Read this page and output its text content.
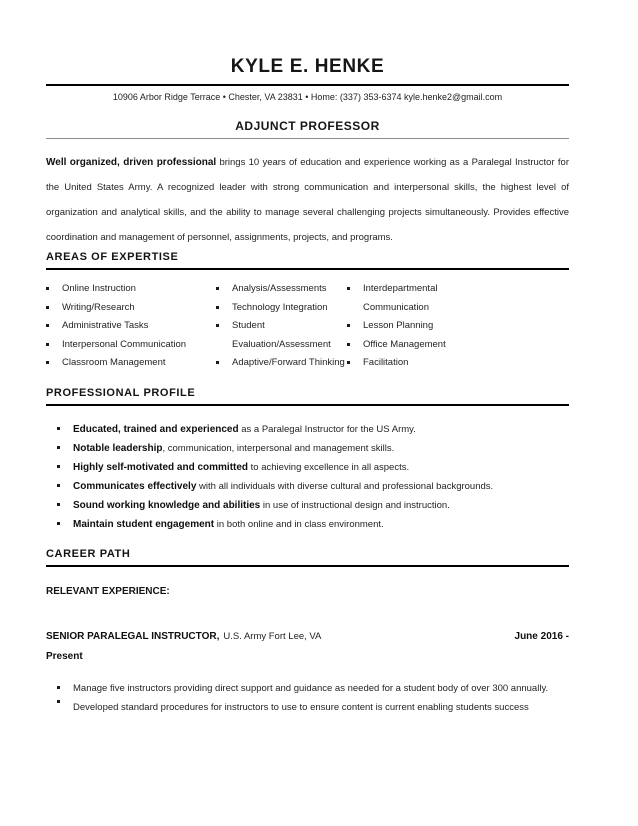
KYLE E. HENKE

10906 Arbor Ridge Terrace • Chester, VA 23831 • Home: (337) 353-6374 kyle.henke2@gmail.com

ADJUNCT PROFESSOR

Well organized, driven professional brings 10 years of education and experience working as a Paralegal Instructor for the United States Army. A recognized leader with strong communication and interpersonal skills, the highest level of organization and analytical skills, and the ability to manage several challenging projects simultaneously. Provides effective coordination and management of personnel, assignments, projects, and programs.

AREAS OF EXPERTISE
Online Instruction
Writing/Research
Administrative Tasks
Interpersonal Communication
Classroom Management
Analysis/Assessments
Technology Integration
Student Evaluation/Assessment
Adaptive/Forward Thinking
Interdepartmental Communication
Lesson Planning
Office Management
Facilitation
PROFESSIONAL PROFILE
Educated, trained and experienced as a Paralegal Instructor for the US Army.
Notable leadership, communication, interpersonal and management skills.
Highly self-motivated and committed to achieving excellence in all aspects.
Communicates effectively with all individuals with diverse cultural and professional backgrounds.
Sound working knowledge and abilities in use of instructional design and instruction.
Maintain student engagement in both online and in class environment.
CAREER PATH

RELEVANT EXPERIENCE:

SENIOR PARALEGAL INSTRUCTOR, U.S. Army Fort Lee, VA	June 2016 -
Present
Manage five instructors providing direct support and guidance as needed for a student body of over 300 annually.
Developed standard procedures for instructors to use to ensure content is current enabling students success
